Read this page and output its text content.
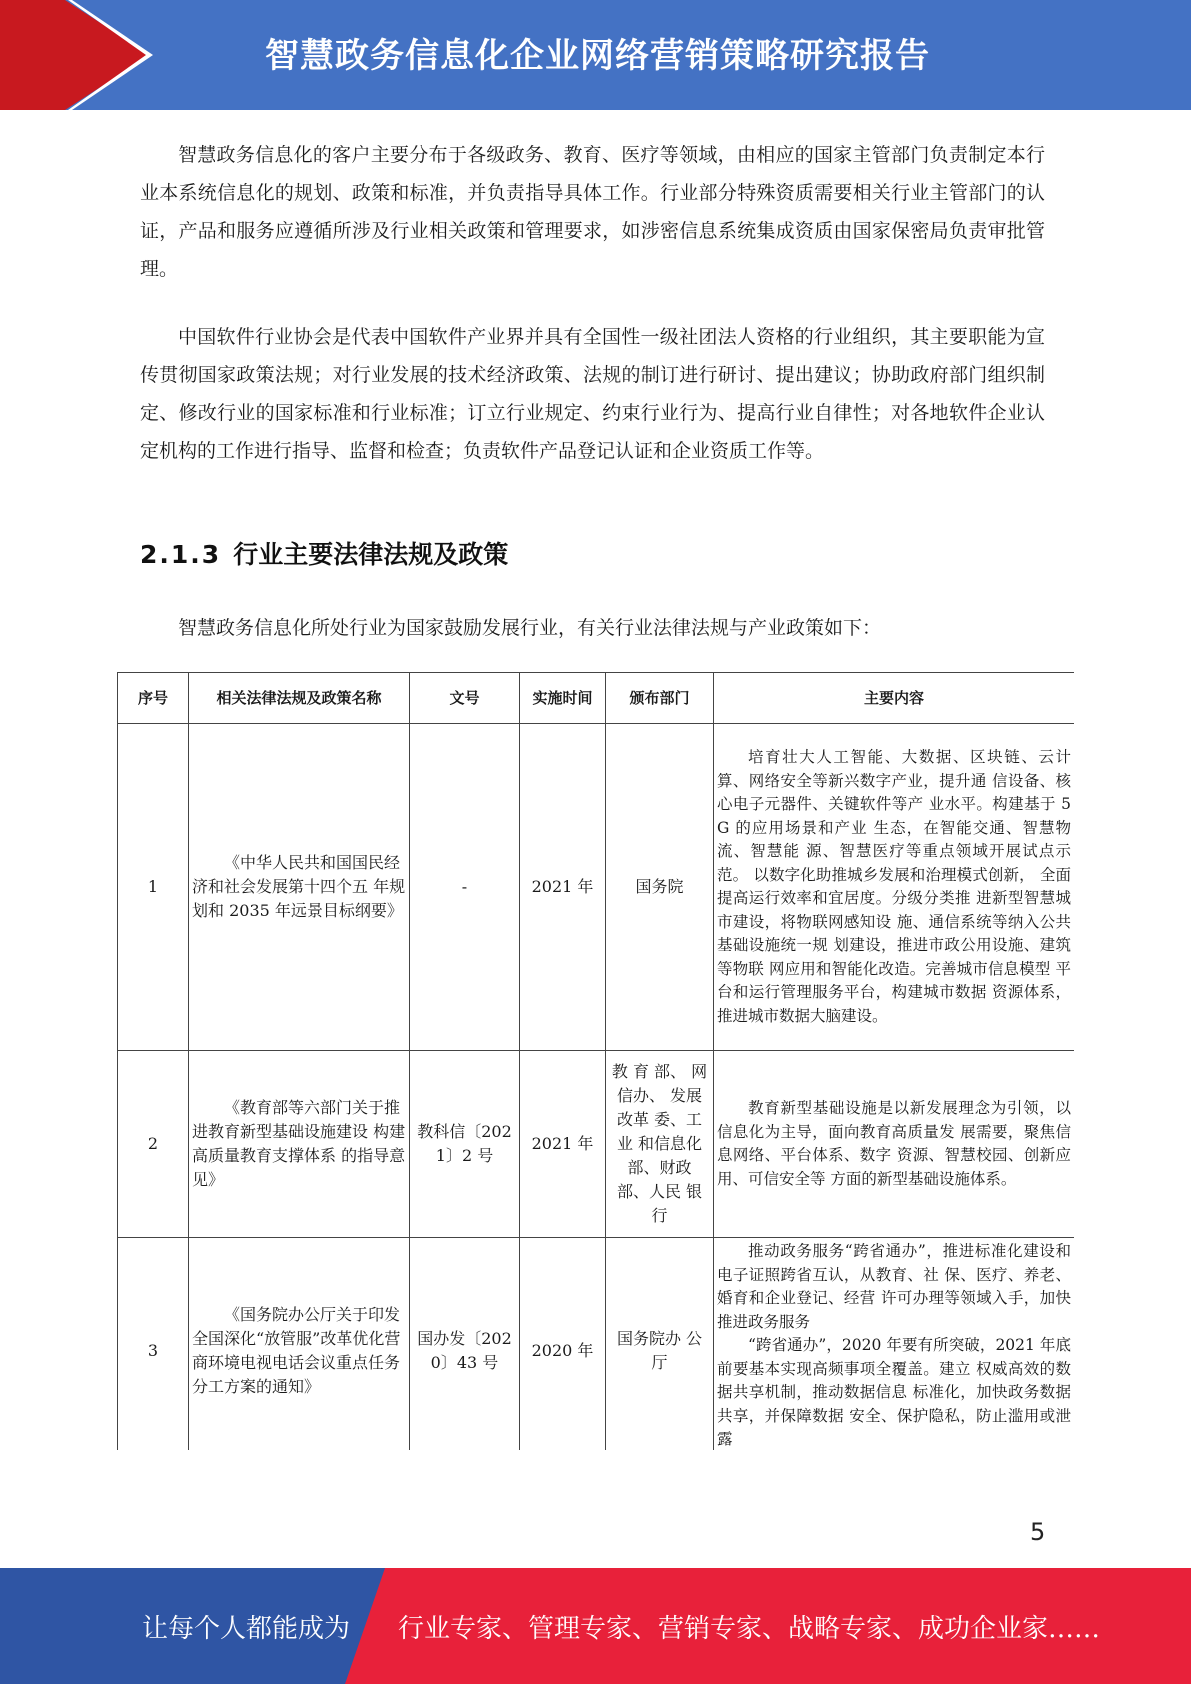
智慧政务信息化企业网络营销策略研究报告

智慧政务信息化的客户主要分布于各级政务、教育、医疗等领域，由相应的国家主管部门负责制定本行业本系统信息化的规划、政策和标准，并负责指导具体工作。行业部分特殊资质需要相关行业主管部门的认证，产品和服务应遵循所涉及行业相关政策和管理要求，如涉密信息系统集成资质由国家保密局负责审批管理。

中国软件行业协会是代表中国软件产业界并具有全国性一级社团法人资格的行业组织，其主要职能为宣传贯彻国家政策法规；对行业发展的技术经济政策、法规的制订进行研讨、提出建议；协助政府部门组织制定、修改行业的国家标准和行业标准；订立行业规定、约束行业行为、提高行业自律性；对各地软件企业认定机构的工作进行指导、监督和检查；负责软件产品登记认证和企业资质工作等。

2.1.3 行业主要法律法规及政策

智慧政务信息化所处行业为国家鼓励发展行业，有关行业法律法规与产业政策如下：

序号	相关法律法规及政策名称	文号	实施时间	颁布部门	主要内容
1	《中华人民共和国国民经 济和社会发展第十四个五 年规划和 2035 年远景目标纲要》	-	2021 年	国务院	培育壮大人工智能、大数据、区块链、云计算、网络安全等新兴数字产业，提升通 信设备、核心电子元器件、关键软件等产 业水平。构建基于 5G 的应用场景和产业 生态，在智能交通、智慧物流、智慧能 源、智慧医疗等重点领域开展试点示范。 以数字化助推城乡发展和治理模式创新， 全面提高运行效率和宜居度。分级分类推 进新型智慧城市建设，将物联网感知设 施、通信系统等纳入公共基础设施统一规 划建设，推进市政公用设施、建筑等物联 网应用和智能化改造。完善城市信息模型 平台和运行管理服务平台，构建城市数据 资源体系，推进城市数据大脑建设。
2	《教育部等六部门关于推 进教育新型基础设施建设 构建高质量教育支撑体系 的指导意见》	教科信〔2021〕2 号	2021 年	教 育 部、 网信办、 发展改革 委、工业 和信息化 部、财政 部、人民 银行	教育新型基础设施是以新发展理念为引领，以信息化为主导，面向教育高质量发 展需要，聚焦信息网络、平台体系、数字 资源、智慧校园、创新应用、可信安全等 方面的新型基础设施体系。
3	《国务院办公厅关于印发 全国深化“放管服”改革优化营商环境电视电话会议重点任务分工方案的通知》	国办发〔2020〕43 号	2020 年	国务院办 公厅	推动政务服务“跨省通办”，推进标准化建设和电子证照跨省互认，从教育、社 保、医疗、养老、婚育和企业登记、经营 许可办理等领域入手，加快推进政务服务
“跨省通办”，2020 年要有所突破，2021 年底前要基本实现高频事项全覆盖。建立 权威高效的数据共享机制，推动数据信息 标准化，加快政务数据共享，并保障数据 安全、保护隐私，防止滥用或泄露
5
让每个人都能成为 行业专家、管理专家、营销专家、战略专家、成功企业家……
